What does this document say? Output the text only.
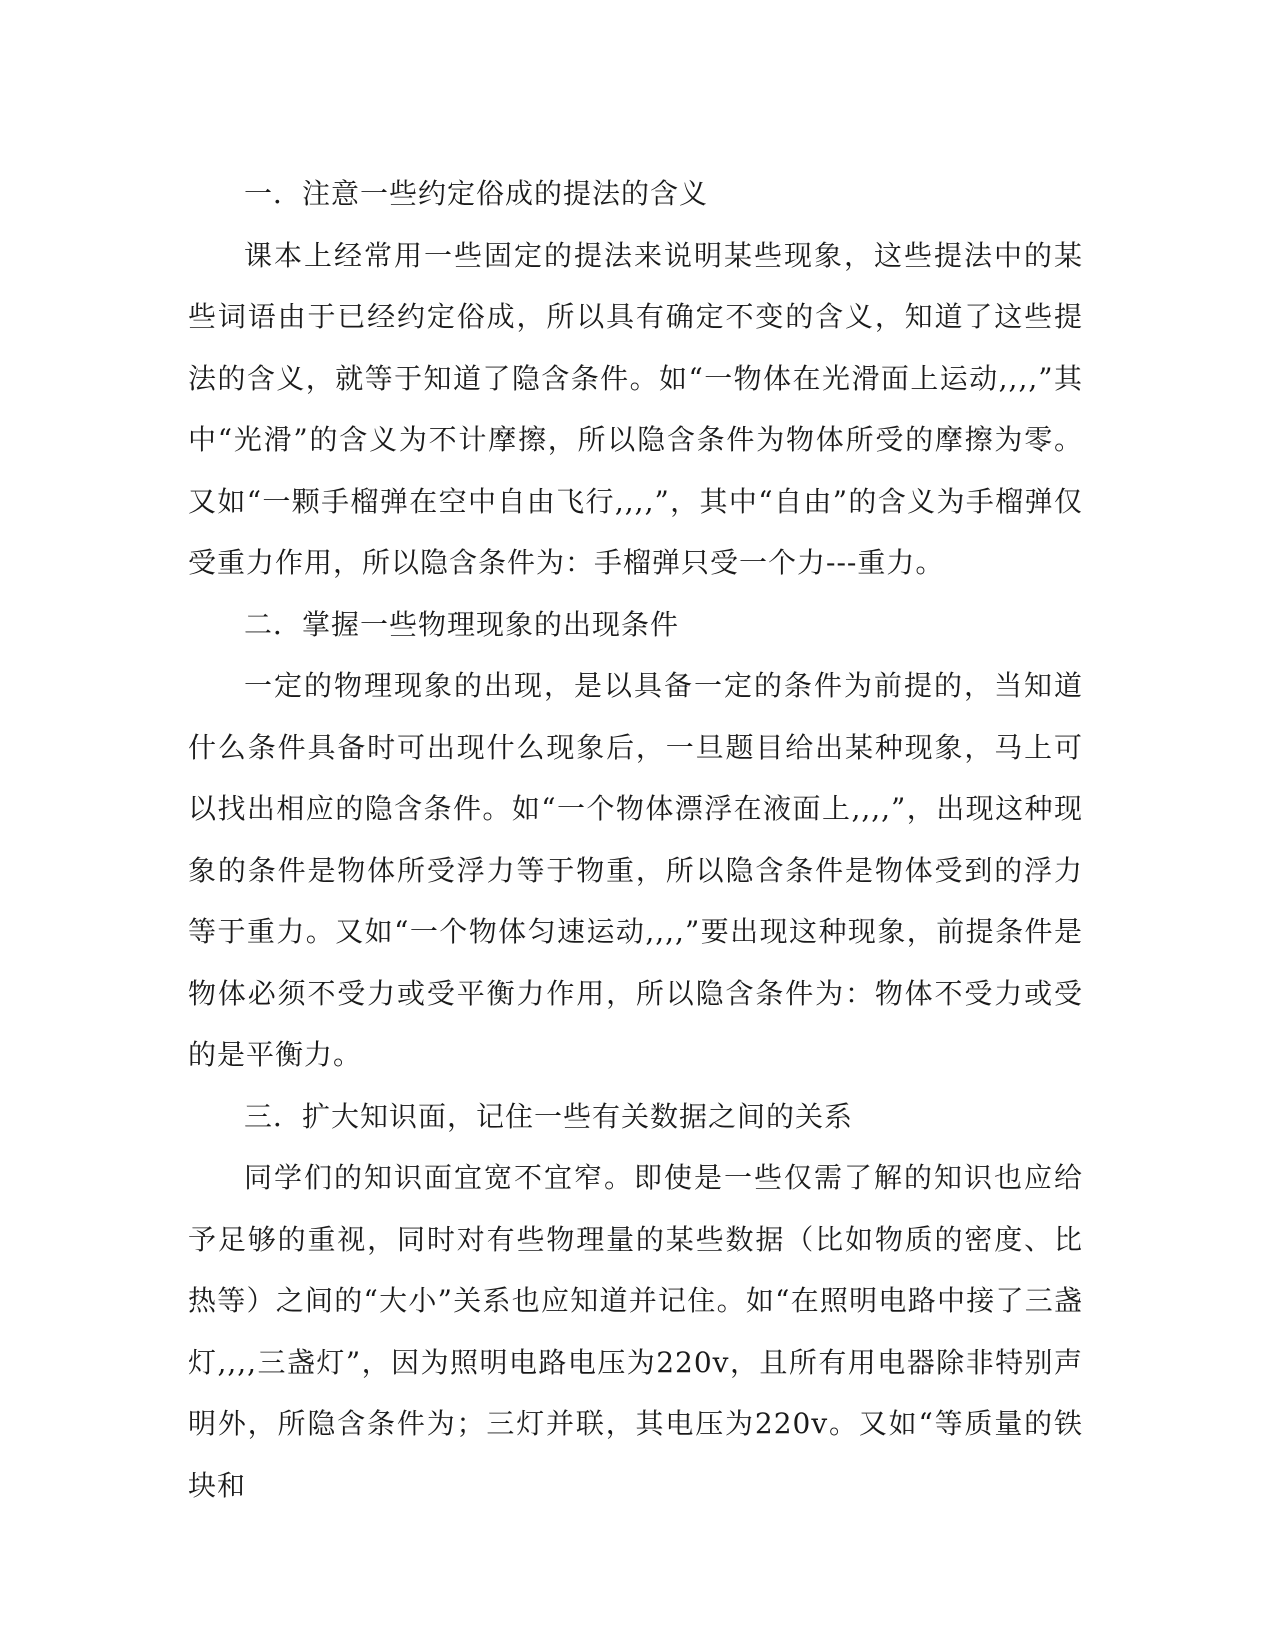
一．注意一些约定俗成的提法的含义

课本上经常用一些固定的提法来说明某些现象，这些提法中的某些词语由于已经约定俗成，所以具有确定不变的含义，知道了这些提法的含义，就等于知道了隐含条件。如“一物体在光滑面上运动,,,,”其中“光滑”的含义为不计摩擦，所以隐含条件为物体所受的摩擦为零。又如“一颗手榴弹在空中自由飞行,,,,”，其中“自由”的含义为手榴弹仅受重力作用，所以隐含条件为：手榴弹只受一个力---重力。

二．掌握一些物理现象的出现条件

一定的物理现象的出现，是以具备一定的条件为前提的，当知道什么条件具备时可出现什么现象后，一旦题目给出某种现象，马上可以找出相应的隐含条件。如“一个物体漂浮在液面上,,,,”，出现这种现象的条件是物体所受浮力等于物重，所以隐含条件是物体受到的浮力等于重力。又如“一个物体匀速运动,,,,”要出现这种现象，前提条件是物体必须不受力或受平衡力作用，所以隐含条件为：物体不受力或受的是平衡力。

三．扩大知识面，记住一些有关数据之间的关系

同学们的知识面宜宽不宜窄。即使是一些仅需了解的知识也应给予足够的重视，同时对有些物理量的某些数据（比如物质的密度、比热等）之间的“大小”关系也应知道并记住。如“在照明电路中接了三盏灯,,,,三盏灯”，因为照明电路电压为220v，且所有用电器除非特别声明外，所隐含条件为；三灯并联，其电压为220v。又如“等质量的铁块和
